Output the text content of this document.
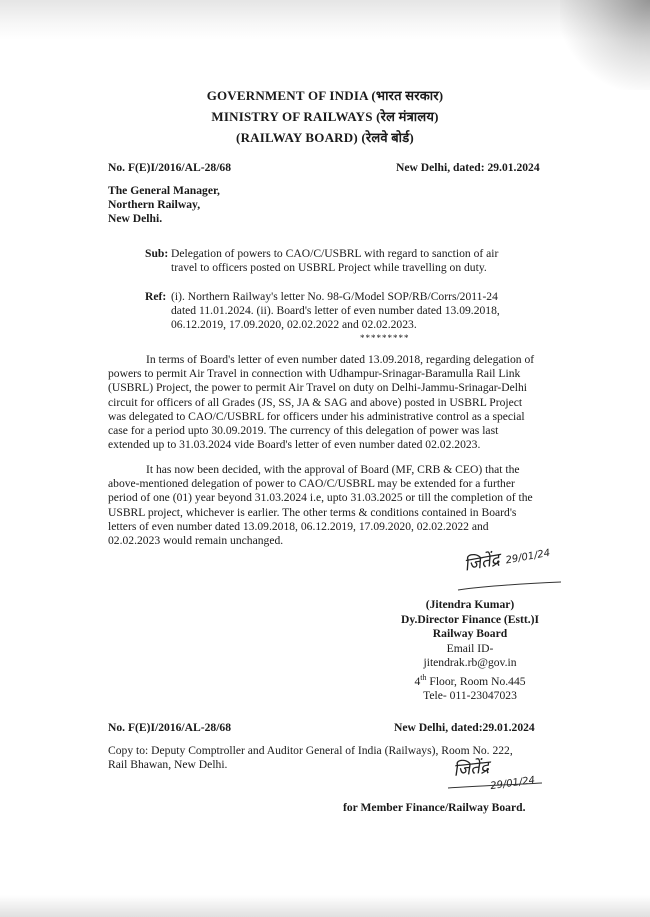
GOVERNMENT OF INDIA (भारत सरकार)
MINISTRY OF RAILWAYS (रेल मंत्रालय)
(RAILWAY BOARD) (रेलवे बोर्ड)
No. F(E)I/2016/AL-28/68	New Delhi, dated: 29.01.2024
The General Manager,
Northern Railway,
New Delhi.
Sub: Delegation of powers to CAO/C/USBRL with regard to sanction of air
travel to officers posted on USBRL Project while travelling on duty.
Ref: (i). Northern Railway's letter No. 98-G/Model SOP/RB/Corrs/2011-24
dated 11.01.2024. (ii). Board's letter of even number dated 13.09.2018,
06.12.2019, 17.09.2020, 02.02.2022 and 02.02.2023.
*********
In terms of Board's letter of even number dated 13.09.2018, regarding delegation of
powers to permit Air Travel in connection with Udhampur-Srinagar-Baramulla Rail Link
(USBRL) Project, the power to permit Air Travel on duty on Delhi-Jammu-Srinagar-Delhi
circuit for officers of all Grades (JS, SS, JA & SAG and above) posted in USBRL Project
was delegated to CAO/C/USBRL for officers under his administrative control as a special
case for a period upto 30.09.2019. The currency of this delegation of power was last
extended up to 31.03.2024 vide Board's letter of even number dated 02.02.2023.
It has now been decided, with the approval of Board (MF, CRB & CEO) that the
above-mentioned delegation of power to CAO/C/USBRL may be extended for a further
period of one (01) year beyond 31.03.2024 i.e, upto 31.03.2025 or till the completion of the
USBRL project, whichever is earlier. The other terms & conditions contained in Board's
letters of even number dated 13.09.2018, 06.12.2019, 17.09.2020, 02.02.2022 and
02.02.2023 would remain unchanged.
जितेंद्र 29/01/24
(Jitendra Kumar)
Dy.Director Finance (Estt.)I
Railway Board
Email ID-
jitendrak.rb@gov.in
4th Floor, Room No.445
Tele- 011-23047023
No. F(E)I/2016/AL-28/68	New Delhi, dated:29.01.2024
Copy to: Deputy Comptroller and Auditor General of India (Railways), Room No. 222,
Rail Bhawan, New Delhi.	जितेंद्र
29/01/24
for Member Finance/Railway Board.
